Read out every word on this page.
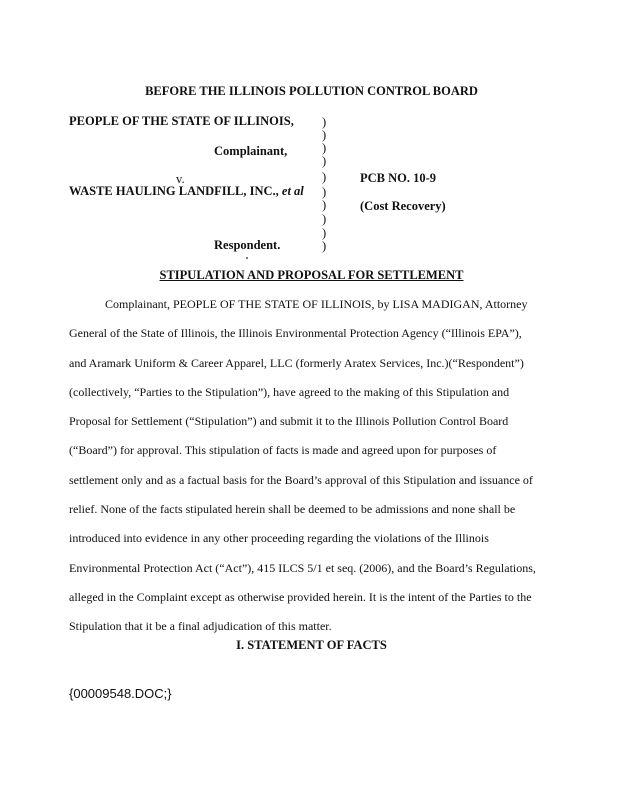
BEFORE THE ILLINOIS POLLUTION CONTROL BOARD
PEOPLE OF THE STATE OF ILLINOIS,
Complainant,
v.
WASTE HAULING LANDFILL, INC., et al
Respondent.
)
)
)
)
)
)
)
)
)
)
PCB NO. 10-9
(Cost Recovery)
STIPULATION AND PROPOSAL FOR SETTLEMENT
Complainant, PEOPLE OF THE STATE OF ILLINOIS, by LISA MADIGAN, Attorney
General of the State of Illinois, the Illinois Environmental Protection Agency (“Illinois EPA”),
and Aramark Uniform & Career Apparel, LLC (formerly Aratex Services, Inc.)(“Respondent”)
(collectively, “Parties to the Stipulation”), have agreed to the making of this Stipulation and
Proposal for Settlement (“Stipulation”) and submit it to the Illinois Pollution Control Board
(“Board”) for approval. This stipulation of facts is made and agreed upon for purposes of
settlement only and as a factual basis for the Board’s approval of this Stipulation and issuance of
relief. None of the facts stipulated herein shall be deemed to be admissions and none shall be
introduced into evidence in any other proceeding regarding the violations of the Illinois
Environmental Protection Act (“Act”), 415 ILCS 5/1 et seq. (2006), and the Board’s Regulations,
alleged in the Complaint except as otherwise provided herein. It is the intent of the Parties to the
Stipulation that it be a final adjudication of this matter.
I. STATEMENT OF FACTS
{00009548.DOC;}
